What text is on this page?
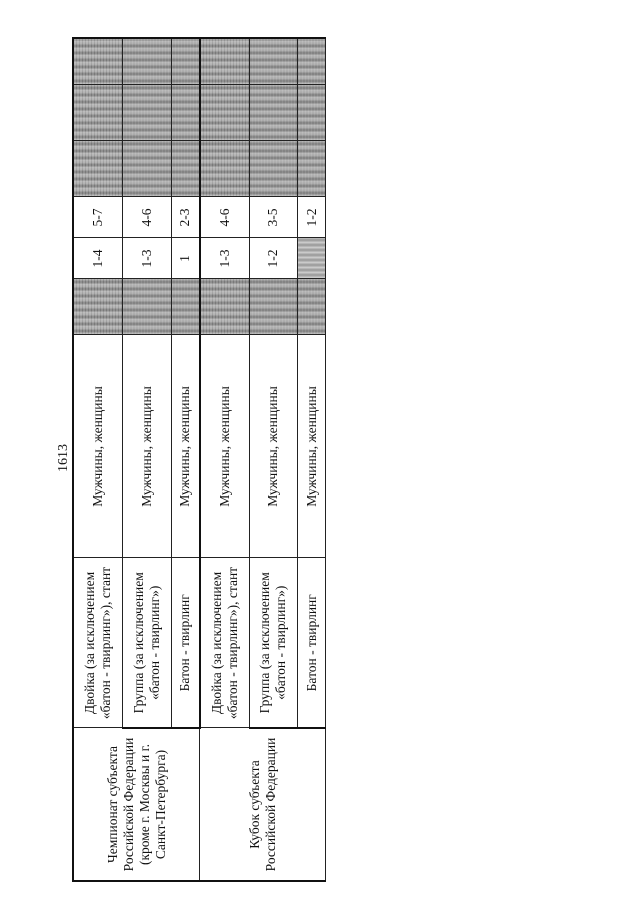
1613
Чемпионат субъекта Российской Федерации (кроме г. Москвы и г. Санкт-Петербурга)	Двойка (за исключением «батон - твирлинг»), стант	Мужчины, женщины		1-4	5-7			
	Группа (за исключением «батон - твирлинг»)	Мужчины, женщины		1-3	4-6			
	Батон - твирлинг	Мужчины, женщины		1	2-3			
Кубок субъекта Российской Федерации	Двойка (за исключением «батон - твирлинг»), стант	Мужчины, женщины		1-3	4-6			
	Группа (за исключением «батон - твирлинг»)	Мужчины, женщины		1-2	3-5			
	Батон - твирлинг	Мужчины, женщины			1-2			
